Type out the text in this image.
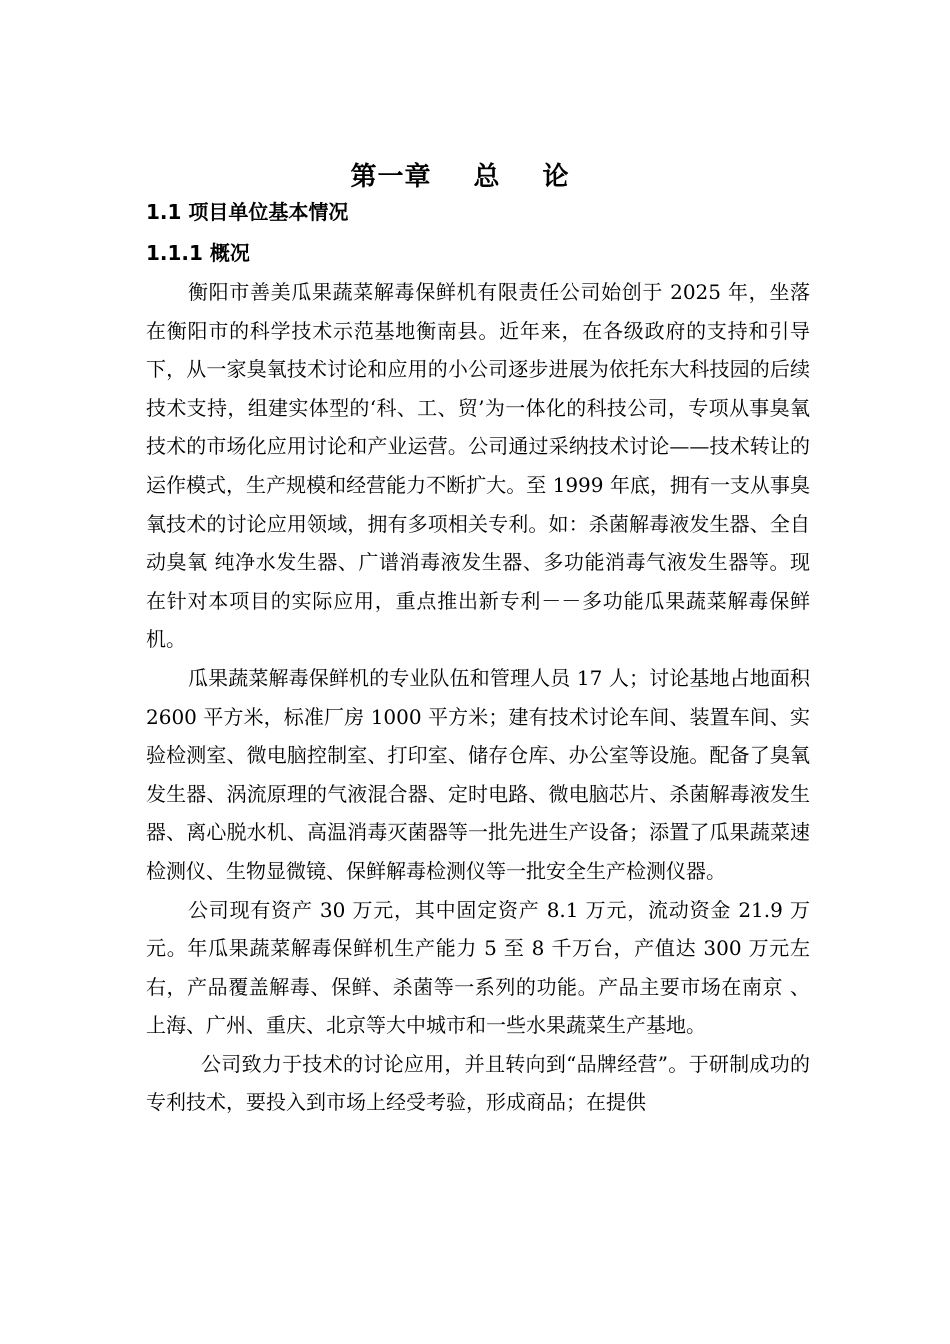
第一章 总 论
1.1 项目单位基本情况
1.1.1 概况

衡阳市善美瓜果蔬菜解毒保鲜机有限责任公司始创于 2025 年，坐落在衡阳市的科学技术示范基地衡南县。近年来，在各级政府的支持和引导下，从一家臭氧技术讨论和应用的小公司逐步进展为依托东大科技园的后续技术支持，组建实体型的‘科、工、贸’为一体化的科技公司，专项从事臭氧技术的市场化应用讨论和产业运营。公司通过采纳技术讨论——技术转让的运作模式，生产规模和经营能力不断扩大。至 1999 年底，拥有一支从事臭氧技术的讨论应用领域，拥有多项相关专利。如：杀菌解毒液发生器、全自动臭氧 纯净水发生器、广谱消毒液发生器、多功能消毒气液发生器等。现在针对本项目的实际应用，重点推出新专利－－多功能瓜果蔬菜解毒保鲜机。

瓜果蔬菜解毒保鲜机的专业队伍和管理人员 17 人；讨论基地占地面积 2600 平方米，标准厂房 1000 平方米；建有技术讨论车间、装置车间、实验检测室、微电脑控制室、打印室、储存仓库、办公室等设施。配备了臭氧发生器、涡流原理的气液混合器、定时电路、微电脑芯片、杀菌解毒液发生器、离心脱水机、高温消毒灭菌器等一批先进生产设备；添置了瓜果蔬菜速检测仪、生物显微镜、保鲜解毒检测仪等一批安全生产检测仪器。

公司现有资产 30 万元，其中固定资产 8.1 万元，流动资金 21.9 万元。年瓜果蔬菜解毒保鲜机生产能力 5 至 8 千万台，产值达 300 万元左右，产品覆盖解毒、保鲜、杀菌等一系列的功能。产品主要市场在南京 、上海、广州、重庆、北京等大中城市和一些水果蔬菜生产基地。

公司致力于技术的讨论应用，并且转向到“品牌经营”。于研制成功的专利技术，要投入到市场上经受考验，形成商品；在提供
